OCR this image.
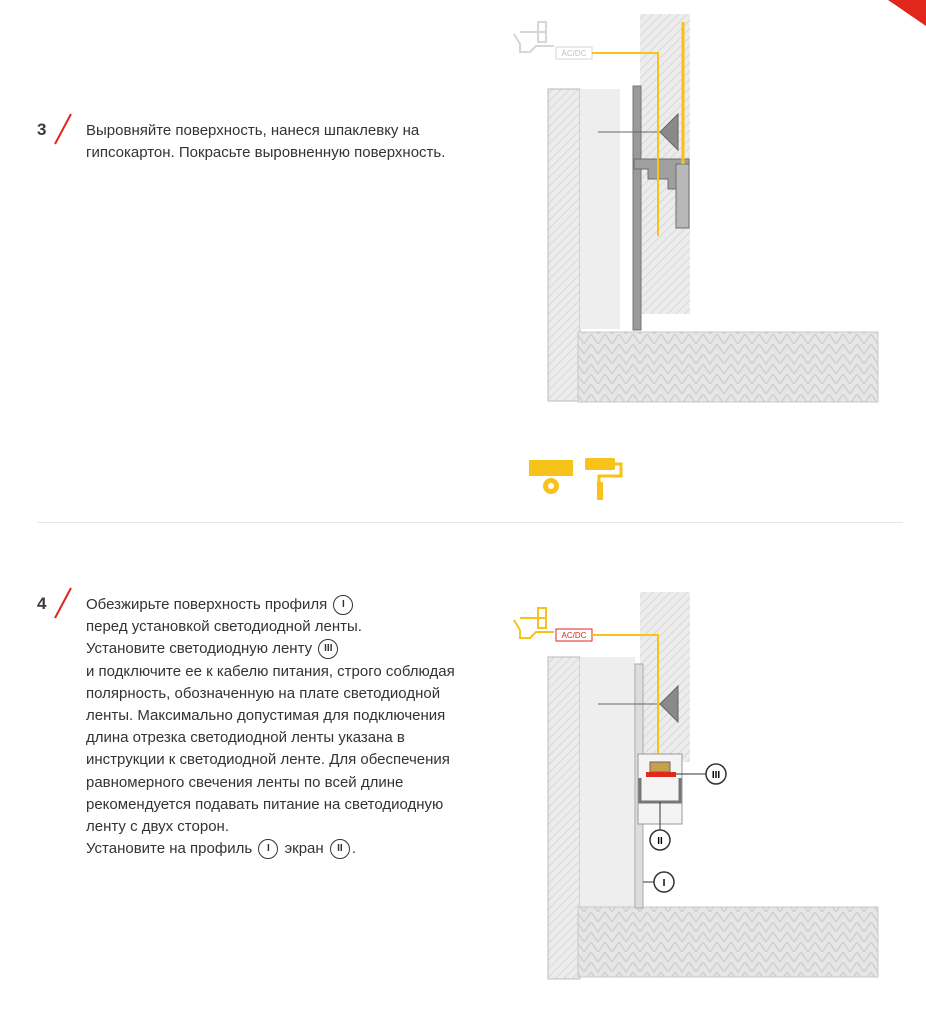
3	Выровняйте поверхность, нанеся шпаклевку на гипсокартон. Покрасьте выровненную поверхность.
AC/DC
4	Обезжирьте поверхность профиля I

перед установкой светодиодной ленты.

Установите светодиодную ленту III

и подключите ее к кабелю питания, строго соблюдая полярность, обозначенную на плате светодиодной ленты. Максимально допустимая для подключения длина отрезка светодиодной ленты указана в инструкции к светодиодной ленте. Для обеспечения равномерного свечения ленты по всей длине рекомендуется подавать питание на светодиодную ленту с двух сторон.

Установите на профиль I экран II .

AC/DC
III
II
I
